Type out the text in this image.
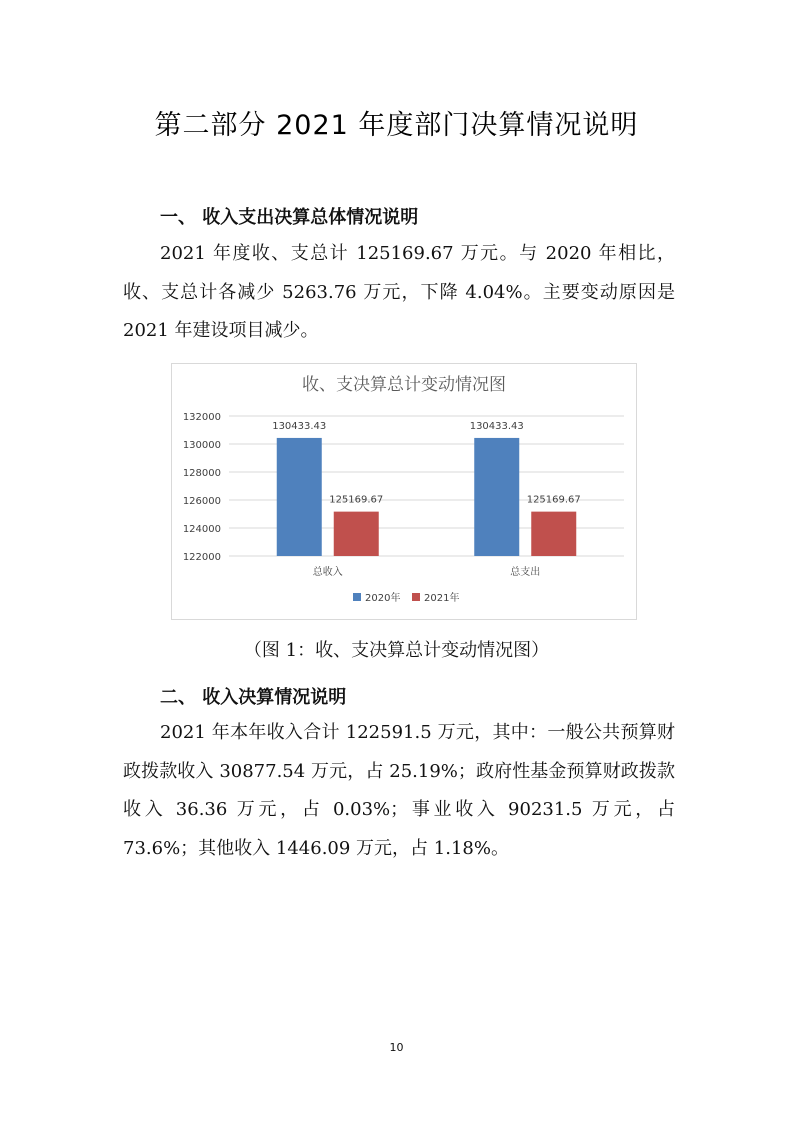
第二部分 2021 年度部门决算情况说明
一、 收入支出决算总体情况说明

2021 年度收、支总计 125169.67 万元。与 2020 年相比，收、支总计各减少 5263.76 万元，下降 4.04%。主要变动原因是 2021 年建设项目减少。

收、支决算总计变动情况图
122000
124000
126000
128000
130000
132000
130433.43
125169.67
总收入
130433.43
125169.67
总支出
2020年 2021年
（图 1：收、支决算总计变动情况图）
二、 收入决算情况说明

2021 年本年收入合计 122591.5 万元，其中：一般公共预算财政拨款收入 30877.54 万元，占 25.19%；政府性基金预算财政拨款收入 36.36 万元，占 0.03%；事业收入 90231.5 万元，占 73.6%；其他收入 1446.09 万元，占 1.18%。

10
